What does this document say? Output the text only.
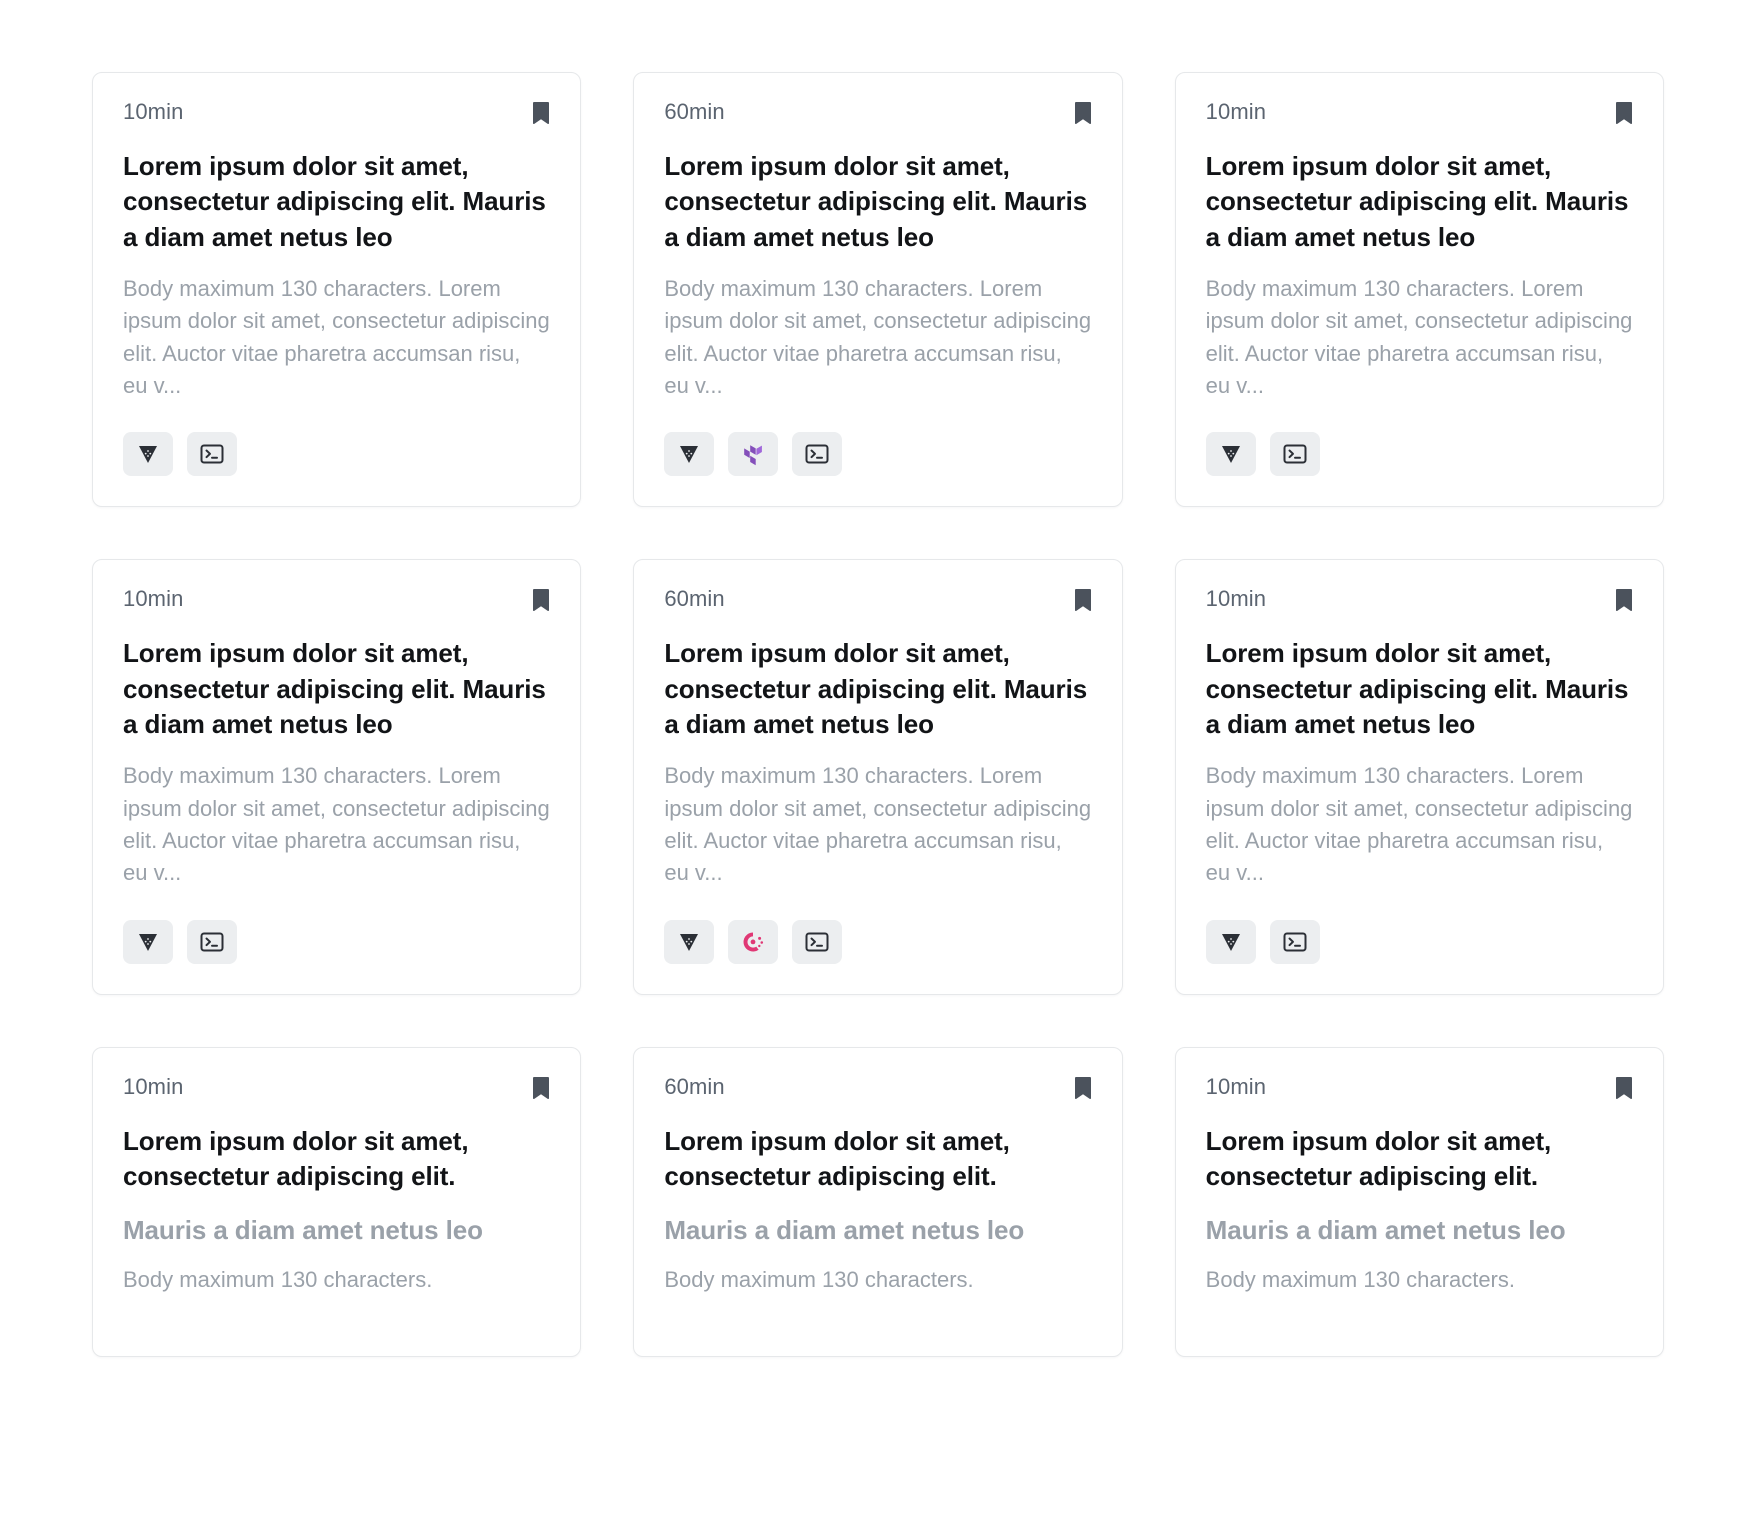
10min
Lorem ipsum dolor sit amet, consectetur adipiscing elit. Mauris a diam amet netus leo

Body maximum 130 characters. Lorem ipsum dolor sit amet, consectetur adipiscing elit. Auctor vitae pharetra accumsan risu, eu v...

60min
Lorem ipsum dolor sit amet, consectetur adipiscing elit. Mauris a diam amet netus leo

Body maximum 130 characters. Lorem ipsum dolor sit amet, consectetur adipiscing elit. Auctor vitae pharetra accumsan risu, eu v...

10min
Lorem ipsum dolor sit amet, consectetur adipiscing elit. Mauris a diam amet netus leo

Body maximum 130 characters. Lorem ipsum dolor sit amet, consectetur adipiscing elit. Auctor vitae pharetra accumsan risu, eu v...

10min
Lorem ipsum dolor sit amet, consectetur adipiscing elit. Mauris a diam amet netus leo

Body maximum 130 characters. Lorem ipsum dolor sit amet, consectetur adipiscing elit. Auctor vitae pharetra accumsan risu, eu v...

60min
Lorem ipsum dolor sit amet, consectetur adipiscing elit. Mauris a diam amet netus leo

Body maximum 130 characters. Lorem ipsum dolor sit amet, consectetur adipiscing elit. Auctor vitae pharetra accumsan risu, eu v...

10min
Lorem ipsum dolor sit amet, consectetur adipiscing elit. Mauris a diam amet netus leo

Body maximum 130 characters. Lorem ipsum dolor sit amet, consectetur adipiscing elit. Auctor vitae pharetra accumsan risu, eu v...

10min
Lorem ipsum dolor sit amet, consectetur adipiscing elit.
Mauris a diam amet netus leo

Body maximum 130 characters.

60min
Lorem ipsum dolor sit amet, consectetur adipiscing elit.
Mauris a diam amet netus leo

Body maximum 130 characters.

10min
Lorem ipsum dolor sit amet, consectetur adipiscing elit.
Mauris a diam amet netus leo

Body maximum 130 characters.
